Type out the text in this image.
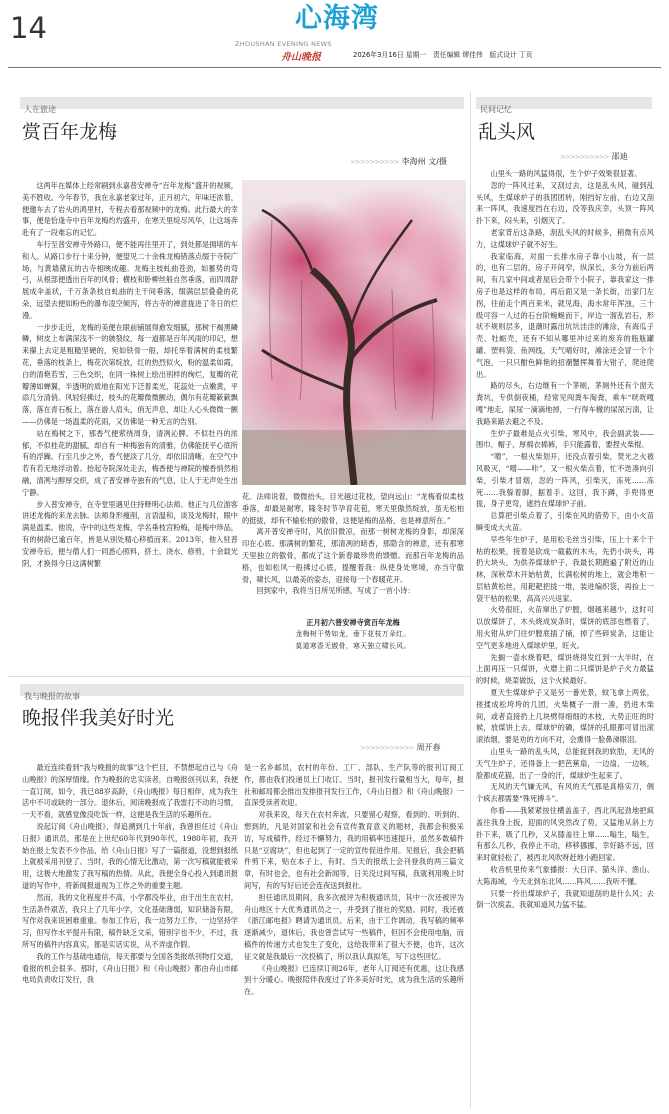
14	心海湾
ZHOUSHAN EVENING NEWS
舟山晚报	2026年3月16日 星期一　责任编辑 缪佳伟　版式设计 丁页
人在旅途
赏百年龙梅
>>>>>>>>>> 李海州 文/摄

这两年在媒体上经常刷到永嘉普安禅寺“百年龙梅”盛开的视频，美不胜收。今年春节，我在永嘉老家过年，正月初六，年味还浓着，便邀车去了岩头的鸿里村，专程去看那视频中的龙梅。此行最大的幸事，便是恰逢寺中百年龙梅灼灼盛开，在寒天里绽尽风华，让这场奔赴有了一段难忘的记忆。

车行至普安禅寺外路口，便不能再往里开了，到处都是拥堵的车和人。从路口步行十来分钟，便望见二十余株龙梅错落点缀于寺院广场，与黄墙黛瓦的古寺相映成趣。龙梅主枝虬曲苍劲，如蓄势的弯弓，从根部便透出百年的风骨；横枝和卧柳丝般自然垂落，而四周舒展成伞盖状，千万条条枝自虬曲的主干间垂落，缀满层层叠叠的花朵，远望去便如粉色的瀑布凌空倾泻，将古寺的禅意拢进了冬日的烂漫。

一步步走近，龙梅的美便在眼前铺展得愈发细腻，那树干褐黑鳞鳞，树皮上布满深浅不一的皴裂纹，每一道都是百年风雨的印记，想来攥上去定是粗糙坚硬的，宛如铁骨一般，却托举着满树的柔枝繁花，垂落的枝条上，梅花次第绽放，红的热烈似火，粉的温柔如霞，白的清艳若雪，三色交织，在同一株树上绘出别样的绚烂，复瓣的花瓣薄如蝉翼，半透明的质地在阳光下泛着柔光，花蕊处一点嫩黄，平添几分清俏。风轻轻拂过，枝头的花瓣微微颤动，偶尔有花瓣簌簌飘落，落在青石板上，落在游人肩头，俏无声息，却让人心头微微一颤——仿佛是一场温柔的花雨，又仿佛是一种无言的告别。

站在梅树之下，那香气便萦绕周身，清冽沁脾。不似牡丹的浓郁，不似桂花的甜腻，却自有一种梅独有的清雅，仿佛能抚平心底所有的浮躁。行至几步之外，香气便淡了几分，却依旧清晰，在空气中若有若无地浮动着。抬起寺院深处走去，梅香便与禅院的檀香悄然相融，清冽与醇厚交织，成了普安禅寺独有的气息，让人于无声处生出宁静。

步入普安禅寺，在寺堂里遇见住持释明心法师。他正与几位游客讲述龙梅的来龙去脉。法师身形瘦削，言语温和，谈及龙梅时，眼中满是温柔。他说，寺中的这些龙梅，学名垂枝宫粉梅，是梅中珍品，有的树龄已逾百年，皆是从别处精心移植而来。2013年，他入驻普安禅寺后，便与僧人们一同悉心照料，挤土、浇水、修剪，十余载光阴，才换得今日这满树繁

花。法师说着，微微抬头，目光越过花枝，望向远山：“龙梅看似柔枝垂落，却最是耐寒，隆冬时节孕育花苞，寒天里傲然绽放，虽无松柏的挺拔，却有不输松柏的傲骨，这便是梅的品格，也是禅意所在。”

离开普安禅寺时，风依旧微凉，而那一树树龙梅的身影，却深深印在心底。那满树的繁花，那清冽的暗香，那隐含的禅意，还有那寒天里独立的傲骨，都成了这个新春最珍贵的馈赠。而那百年龙梅的品格，也如松风一般拂过心底，提醒着我：纵使身处寒境，亦当守傲骨，啸长风，以最美的姿态，迎接每一个春暖花开。

回到家中，我将当日所见所感，写成了一首小诗：

正月初六普安禅寺赏百年龙梅
龙梅树干势如龙，垂下花枝万朵红。
莫道寒香无傲骨，寒天独立啸长风。
我与晚报的故事
晚报伴我美好时光
>>>>>>>>>>> 周开春

最近连续看到“我与晚报的故事”这个栏目，不禁想起自己与《舟山晚报》的深厚情缘。作为晚报的忠实读者，自晚报创刊以来，我便一直订阅，如今，我已88岁高龄，《舟山晚报》每日相伴，成为我生活中不可或缺的一部分。退休后，阅读晚报成了我雷打不动的习惯，一天不看，就感觉像没吃饭一样，这便是我生活的乐趣所在。

说起订阅《舟山晚报》，得追溯到几十年前，我曾担任过《舟山日报》通讯员，那是在上世纪60年代到90年代，1980年初，我开始在报上发表不少作品，给《舟山日报》写了一篇报道，没想到报纸上就被采用刊登了。当时，我的心情无比激动，第一次写稿就能被采用，这极大地激发了我写稿的热情。从此，我便全身心投入到通讯报道的写作中，将新闻报道视为工作之外的重要主题。

然而，我的文化程度并不高，小学都没毕业，由于出生在农村，生活条件艰苦，我只上了几年小学，文化基础薄弱，知识储备有限，写作对我来说困难重重。参加工作后，我一边努力工作，一边坚持学习，但写作水平提升有限，稿件缺乏文采，错别字也不少，不过，我所写的稿件内容真实，都是实话实说，从不弄虚作假。

我的工作与基础电通信，每天都要与全国各类报纸刊物打交道，看报的机会很多。那时，《舟山日报》和《舟山晚报》都由舟山市邮电局负责收订发行，我

是一名乡邮员，农村的年份、工厂、部队、生产队等的报刊订阅工作，都由我们投递员上门收订。当时，报刊发行量相当大，每年，报社和邮局都会推出发排报刊发行工作，《舟山日报》和《舟山晚报》一直深受读者欢迎。

对我来说，每天在农村奔波，只要留心观察，看到的、听到的、想到的，凡是对国家和社会有宣传教育意义的题材，我都会积极采访，写成稿件，经过不懈努力，我的用稿率迅速提升，虽然多数稿件只是“豆腐块”，但也起到了一定的宣传促进作用。见报后，我会把稿件剪下来，贴在本子上，有时，当天的报纸上会刊登我的两三篇文章，有时也会，也有社会新闻等，日关没过间写稿，我就利用晚上时间写，有的写好后还会连夜送到报社。

担任通讯员期间，我多次被评为积极通讯员，其中一次还被评为舟山地区十大优秀通讯员之一，并受到了报社的奖励。同时，我还被《浙江邮电报》聘请为通讯员。后来，由于工作调动，我写稿的频率逐渐减少，退休后，我也曾尝试写一些稿件，但因不会使用电脑，而稿件的传递方式也发生了变化，这给我带来了很大不便，也许，这次征文就是我最后一次投稿了，所以我认真拟笔，写下这些回忆。

《舟山晚报》已连续订阅26年，老年人订阅还有优惠，这让我感到十分暖心。晚报陪伴我度过了许多美好时光，成为我生活的乐趣所在。

民间记忆
乱头风
>>>>>>>>>> 邵迪

山里头一路的风猛得很，生个炉子效果很显著。

忽的一阵风过来，又刮过去，这是乱头风，碰到乱头风，生煤球炉子的我团团转，刚挡好左前，右边又刮来一阵风，我速度挡在右边，没等我庆幸，头顶一阵风扑下来，闷头来，引烟灭了。

老家背后这条路，刮乱头风的时候多，稍微有点风力，这煤球炉子就不好生。

我家临海，对面一长排水房子靠小山坡，有一层的，也有二层的，房子开间窄，纵深长，多分为前后两间，有几家中间或者屋后会带个小院子，靠我家这一排房子也是这样的布局，再后面又是一条长街，出家门左拐，往前走个两百来米，就见海，海水常年浑浊，三十级可容一人过的石台阶蜿蜒而下，岸边一溜乱岩石，形状不规则层多，退潮时露出坑坑洼洼的滩涂，有海瓜子壳、牡蛎壳，还有不知从哪里冲过来的废弃的瓶瓶罐罐、塑料袋、鱼网线，天气晴好时，滩涂还会冒一个个气泡，一只只酣色鲜艳的招潮蟹挥舞着大钳子，爬进爬出。

路的尽头，右边继有一个茅厕，茅厕外还有个窗天粪坑，专供倒夜桶，经常见闯粪车淘粪，乘车“咣咣嘎嘎”地走，屎尿一滴滴地掉，一行得车辙的屎尿污渍，让我路来踮去避之不及。

生炉子最难是点火引柴，寒风中，我会副武装——围巾、帽子、厚棉衣棉裤，手只能露着，要捏火柴棍。

“噌”，一根火柴划开，还没点着引柴，焚光之火被风吸灭，“噌——咔”，又一根火柴点着，忙不迭凑向引柴，引柴才冒烟，忽的一阵风，引柴灭，冻死……冻死……我躲着脚，据着手。这回，我下蹲，手兜得更拢，身子更弯，遮挡在煤球炉子前。

总算把引柴点着了，引柴在风的借势下，由小火苗瞬变成大火苗。

早些年生炉子，是用松毛丝当引柴，压上十来个干枯的松果，接着是砍成一截截的木头，先扔小块头，再扔大块头，为供养煤球炉子，我最长期跑遍了附近的山林，深秋草木开始枯黄，长满松树的地上，就会堆积一层枯黄松丝，用耙耙把拢一堆，装进编织袋，再捡上一袋干枯的松果，高高兴兴返家。

火势很旺，火苗窜出了炉膛，烟越来越少，这时可以放煤饼了，木头烧成炭条时，煤饼的底部也燃着了，用火钳从炉门往炉膛底插了捅，掉了些碎炭条，这能让空气更多地进入煤球炉里，旺火。

先搁一壶水烧着吧，煤饼烧得发红到一大半时，在上面再压一只煤饼，火磨上面二只煤饼是炉子火力最猛的时候，烧菜做饭，这个火候最好。

夏天生煤球炉子又是另一番光景，蚊飞拿上两张，搓揉成松垮垮的几团，火柴概子一滑一凑，扔进木柴间，或者直接扔上几块劈得细细的木枝，大势正旺的时候，放煤饼上去，煤球炉的磷，煤饼的孔眼都可冒出滚滚浓烟，要是劝的方向不对，会熏得一脸鼻涕眼泪。

山里头一路的乱头风，总能捉到我的软肋，无风的天气生炉子，还得备上一把芭蕉扇，一边扇，一边咳，脸都成花猫，出了一身的汗，煤球炉生起来了。

无风的天气嫌无风，有风的天气那是真格实刀，侧个疯去都需要“殊死搏斗”。

你看——我紧紧按住横盖盖子，西北风起劲地把疯盖往我身上扳，迎面的风突然改了势，又猛地从斜上方扑下来，吸了几秒，又从膝盖往上窜……嗡生，嗡生，有那么几秒，我停止不动，移移挪挪，幸好路不远，回来时就轻松了，被西北风吹呀赶地小跑回家。

收音机里传来气象播报：大日洋、猫头洋、渔山、大陈海域，今天北到东北风……阵风……我听不懂。

只要一拎出煤球炉子，我就知道刮的是什么风；去倒一次痰盂，我就知道风力猛不猛。
